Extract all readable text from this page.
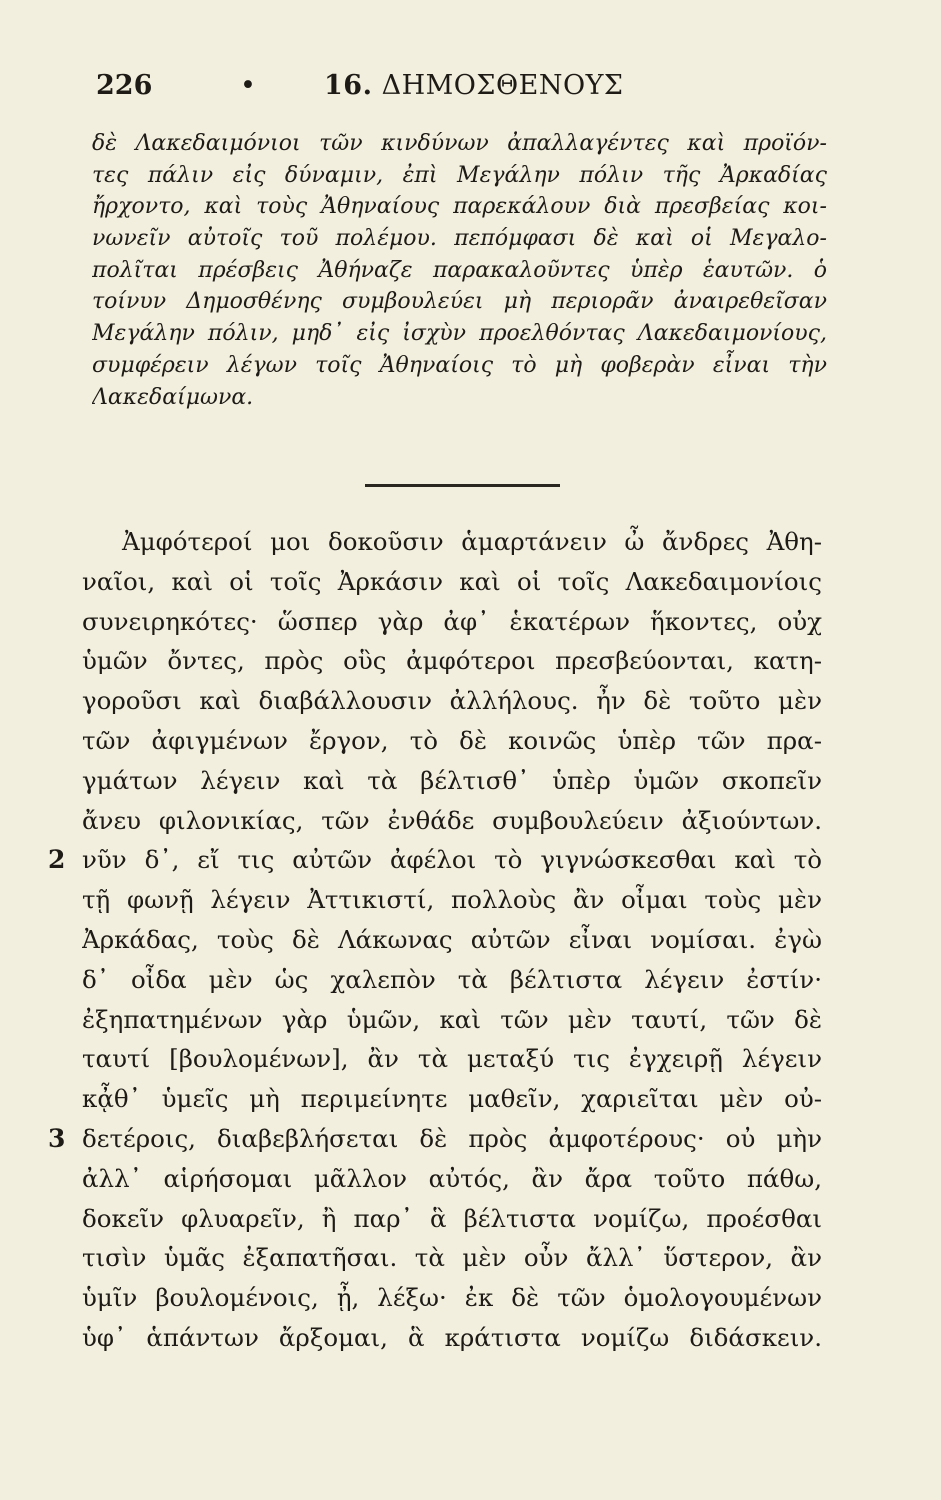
226	•	16. ΔΗΜΟΣΘΕΝΟΥΣ
δὲ Λακεδαιμόνιοι τῶν κινδύνων ἀπαλλαγέντες καὶ προϊόν-
τες πάλιν εἰς δύναμιν, ἐπὶ Μεγάλην πόλιν τῆς Ἀρκαδίας
ἤρχοντο, καὶ τοὺς Ἀθηναίους παρεκάλουν διὰ πρεσβείας κοι-
νωνεῖν αὐτοῖς τοῦ πολέμου. πεπόμφασι δὲ καὶ οἱ Μεγαλο-
πολῖται πρέσβεις Ἀθήναζε παρακαλοῦντες ὑπὲρ ἑαυτῶν. ὁ
τοίνυν Δημοσθένης συμβουλεύει μὴ περιορᾶν ἀναιρεθεῖσαν
Μεγάλην πόλιν, μηδ᾽ εἰς ἰσχὺν προελθόντας Λακεδαιμονίους,
συμφέρειν λέγων τοῖς Ἀθηναίοις τὸ μὴ φοβερὰν εἶναι τὴν
Λακεδαίμωνα.
Ἀμφότεροί μοι δοκοῦσιν ἁμαρτάνειν ὦ ἄνδρες Ἀθη-
ναῖοι, καὶ οἱ τοῖς Ἀρκάσιν καὶ οἱ τοῖς Λακεδαιμονίοις
συνειρηκότες· ὥσπερ γὰρ ἀφ᾽ ἑκατέρων ἥκοντες, οὐχ
ὑμῶν ὄντες, πρὸς οὓς ἀμφότεροι πρεσβεύονται, κατη-
γοροῦσι καὶ διαβάλλουσιν ἀλλήλους. ἦν δὲ τοῦτο μὲν
τῶν ἀφιγμένων ἔργον, τὸ δὲ κοινῶς ὑπὲρ τῶν πρα-
γμάτων λέγειν καὶ τὰ βέλτισθ᾽ ὑπὲρ ὑμῶν σκοπεῖν
ἄνευ φιλονικίας, τῶν ἐνθάδε συμβουλεύειν ἀξιούντων.
2 νῦν δ᾽, εἴ τις αὐτῶν ἀφέλοι τὸ γιγνώσκεσθαι καὶ τὸ
τῇ φωνῇ λέγειν Ἀττικιστί, πολλοὺς ἂν οἶμαι τοὺς μὲν
Ἀρκάδας, τοὺς δὲ Λάκωνας αὐτῶν εἶναι νομίσαι. ἐγὼ
δ᾽ οἶδα μὲν ὡς χαλεπὸν τὰ βέλτιστα λέγειν ἐστίν·
ἐξηπατημένων γὰρ ὑμῶν, καὶ τῶν μὲν ταυτί, τῶν δὲ
ταυτί [βουλομένων], ἂν τὰ μεταξύ τις ἐγχειρῇ λέγειν
κᾆθ᾽ ὑμεῖς μὴ περιμείνητε μαθεῖν, χαριεῖται μὲν οὐ-
3 δετέροις, διαβεβλήσεται δὲ πρὸς ἀμφοτέρους· οὐ μὴν
ἀλλ᾽ αἱρήσομαι μᾶλλον αὐτός, ἂν ἄρα τοῦτο πάθω,
δοκεῖν φλυαρεῖν, ἢ παρ᾽ ἃ βέλτιστα νομίζω, προέσθαι
τισὶν ὑμᾶς ἐξαπατῆσαι. τὰ μὲν οὖν ἄλλ᾽ ὕστερον, ἂν
ὑμῖν βουλομένοις, ᾖ, λέξω· ἐκ δὲ τῶν ὁμολογουμένων
ὑφ᾽ ἁπάντων ἄρξομαι, ἃ κράτιστα νομίζω διδάσκειν.
